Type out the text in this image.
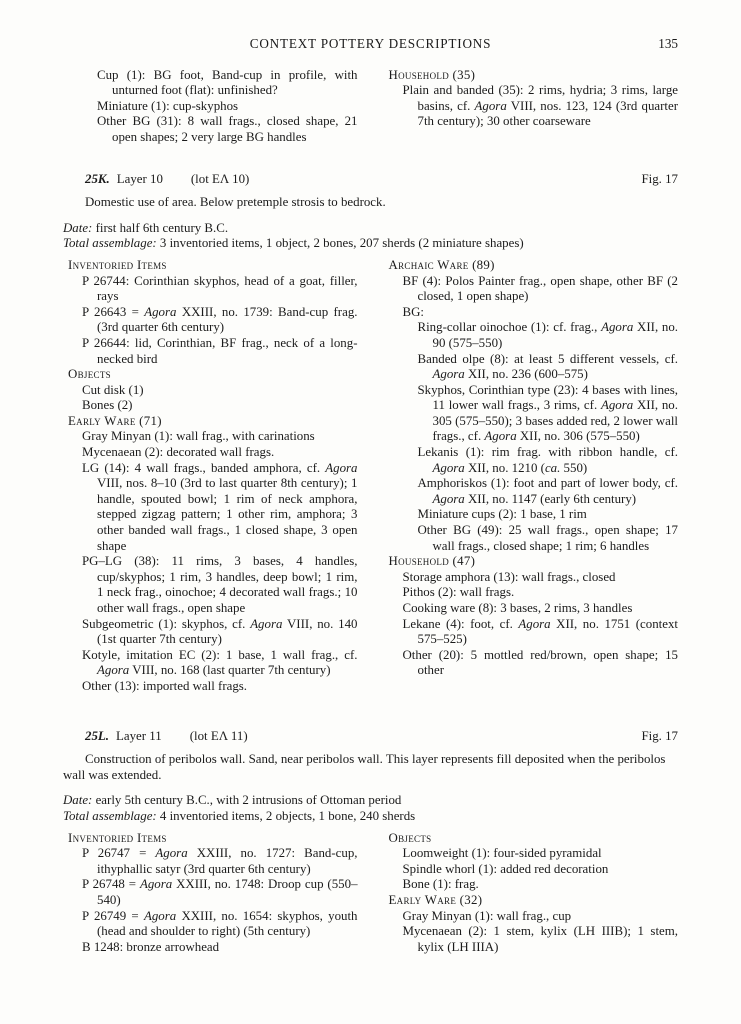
CONTEXT POTTERY DESCRIPTIONS	135
Cup (1): BG foot, Band-cup in profile, with unturned foot (flat): unfinished?
Miniature (1): cup-skyphos
Other BG (31): 8 wall frags., closed shape, 21 open shapes; 2 very large BG handles
Household (35)
Plain and banded (35): 2 rims, hydria; 3 rims, large basins, cf. Agora VIII, nos. 123, 124 (3rd quarter 7th century); 30 other coarseware
25K. Layer 10 (lot EΛ 10)	Fig. 17

Domestic use of area. Below pretemple strosis to bedrock.

Date: first half 6th century B.C.

Total assemblage: 3 inventoried items, 1 object, 2 bones, 207 sherds (2 miniature shapes)

Inventoried Items
P 26744: Corinthian skyphos, head of a goat, filler, rays
P 26643 = Agora XXIII, no. 1739: Band-cup frag. (3rd quarter 6th century)
P 26644: lid, Corinthian, BF frag., neck of a long-necked bird
Objects
Cut disk (1)
Bones (2)
Early Ware (71)
Gray Minyan (1): wall frag., with carinations
Mycenaean (2): decorated wall frags.
LG (14): 4 wall frags., banded amphora, cf. Agora VIII, nos. 8–10 (3rd to last quarter 8th century); 1 handle, spouted bowl; 1 rim of neck amphora, stepped zigzag pattern; 1 other rim, amphora; 3 other banded wall frags., 1 closed shape, 3 open shape
PG–LG (38): 11 rims, 3 bases, 4 handles, cup/skyphos; 1 rim, 3 handles, deep bowl; 1 rim, 1 neck frag., oinochoe; 4 decorated wall frags.; 10 other wall frags., open shape
Subgeometric (1): skyphos, cf. Agora VIII, no. 140 (1st quarter 7th century)
Kotyle, imitation EC (2): 1 base, 1 wall frag., cf. Agora VIII, no. 168 (last quarter 7th century)
Other (13): imported wall frags.
Archaic Ware (89)
BF (4): Polos Painter frag., open shape, other BF (2 closed, 1 open shape)
BG:
Ring-collar oinochoe (1): cf. frag., Agora XII, no. 90 (575–550)
Banded olpe (8): at least 5 different vessels, cf. Agora XII, no. 236 (600–575)
Skyphos, Corinthian type (23): 4 bases with lines, 11 lower wall frags., 3 rims, cf. Agora XII, no. 305 (575–550); 3 bases added red, 2 lower wall frags., cf. Agora XII, no. 306 (575–550)
Lekanis (1): rim frag. with ribbon handle, cf. Agora XII, no. 1210 (ca. 550)
Amphoriskos (1): foot and part of lower body, cf. Agora XII, no. 1147 (early 6th century)
Miniature cups (2): 1 base, 1 rim
Other BG (49): 25 wall frags., open shape; 17 wall frags., closed shape; 1 rim; 6 handles
Household (47)
Storage amphora (13): wall frags., closed
Pithos (2): wall frags.
Cooking ware (8): 3 bases, 2 rims, 3 handles
Lekane (4): foot, cf. Agora XII, no. 1751 (context 575–525)
Other (20): 5 mottled red/brown, open shape; 15 other
25L. Layer 11 (lot EΛ 11)	Fig. 17

Construction of peribolos wall. Sand, near peribolos wall. This layer represents fill deposited when the peribolos wall was extended.

Date: early 5th century B.C., with 2 intrusions of Ottoman period

Total assemblage: 4 inventoried items, 2 objects, 1 bone, 240 sherds

Inventoried Items
P 26747 = Agora XXIII, no. 1727: Band-cup, ithyphallic satyr (3rd quarter 6th century)
P 26748 = Agora XXIII, no. 1748: Droop cup (550–540)
P 26749 = Agora XXIII, no. 1654: skyphos, youth (head and shoulder to right) (5th century)
B 1248: bronze arrowhead
Objects
Loomweight (1): four-sided pyramidal
Spindle whorl (1): added red decoration
Bone (1): frag.
Early Ware (32)
Gray Minyan (1): wall frag., cup
Mycenaean (2): 1 stem, kylix (LH IIIB); 1 stem, kylix (LH IIIA)
